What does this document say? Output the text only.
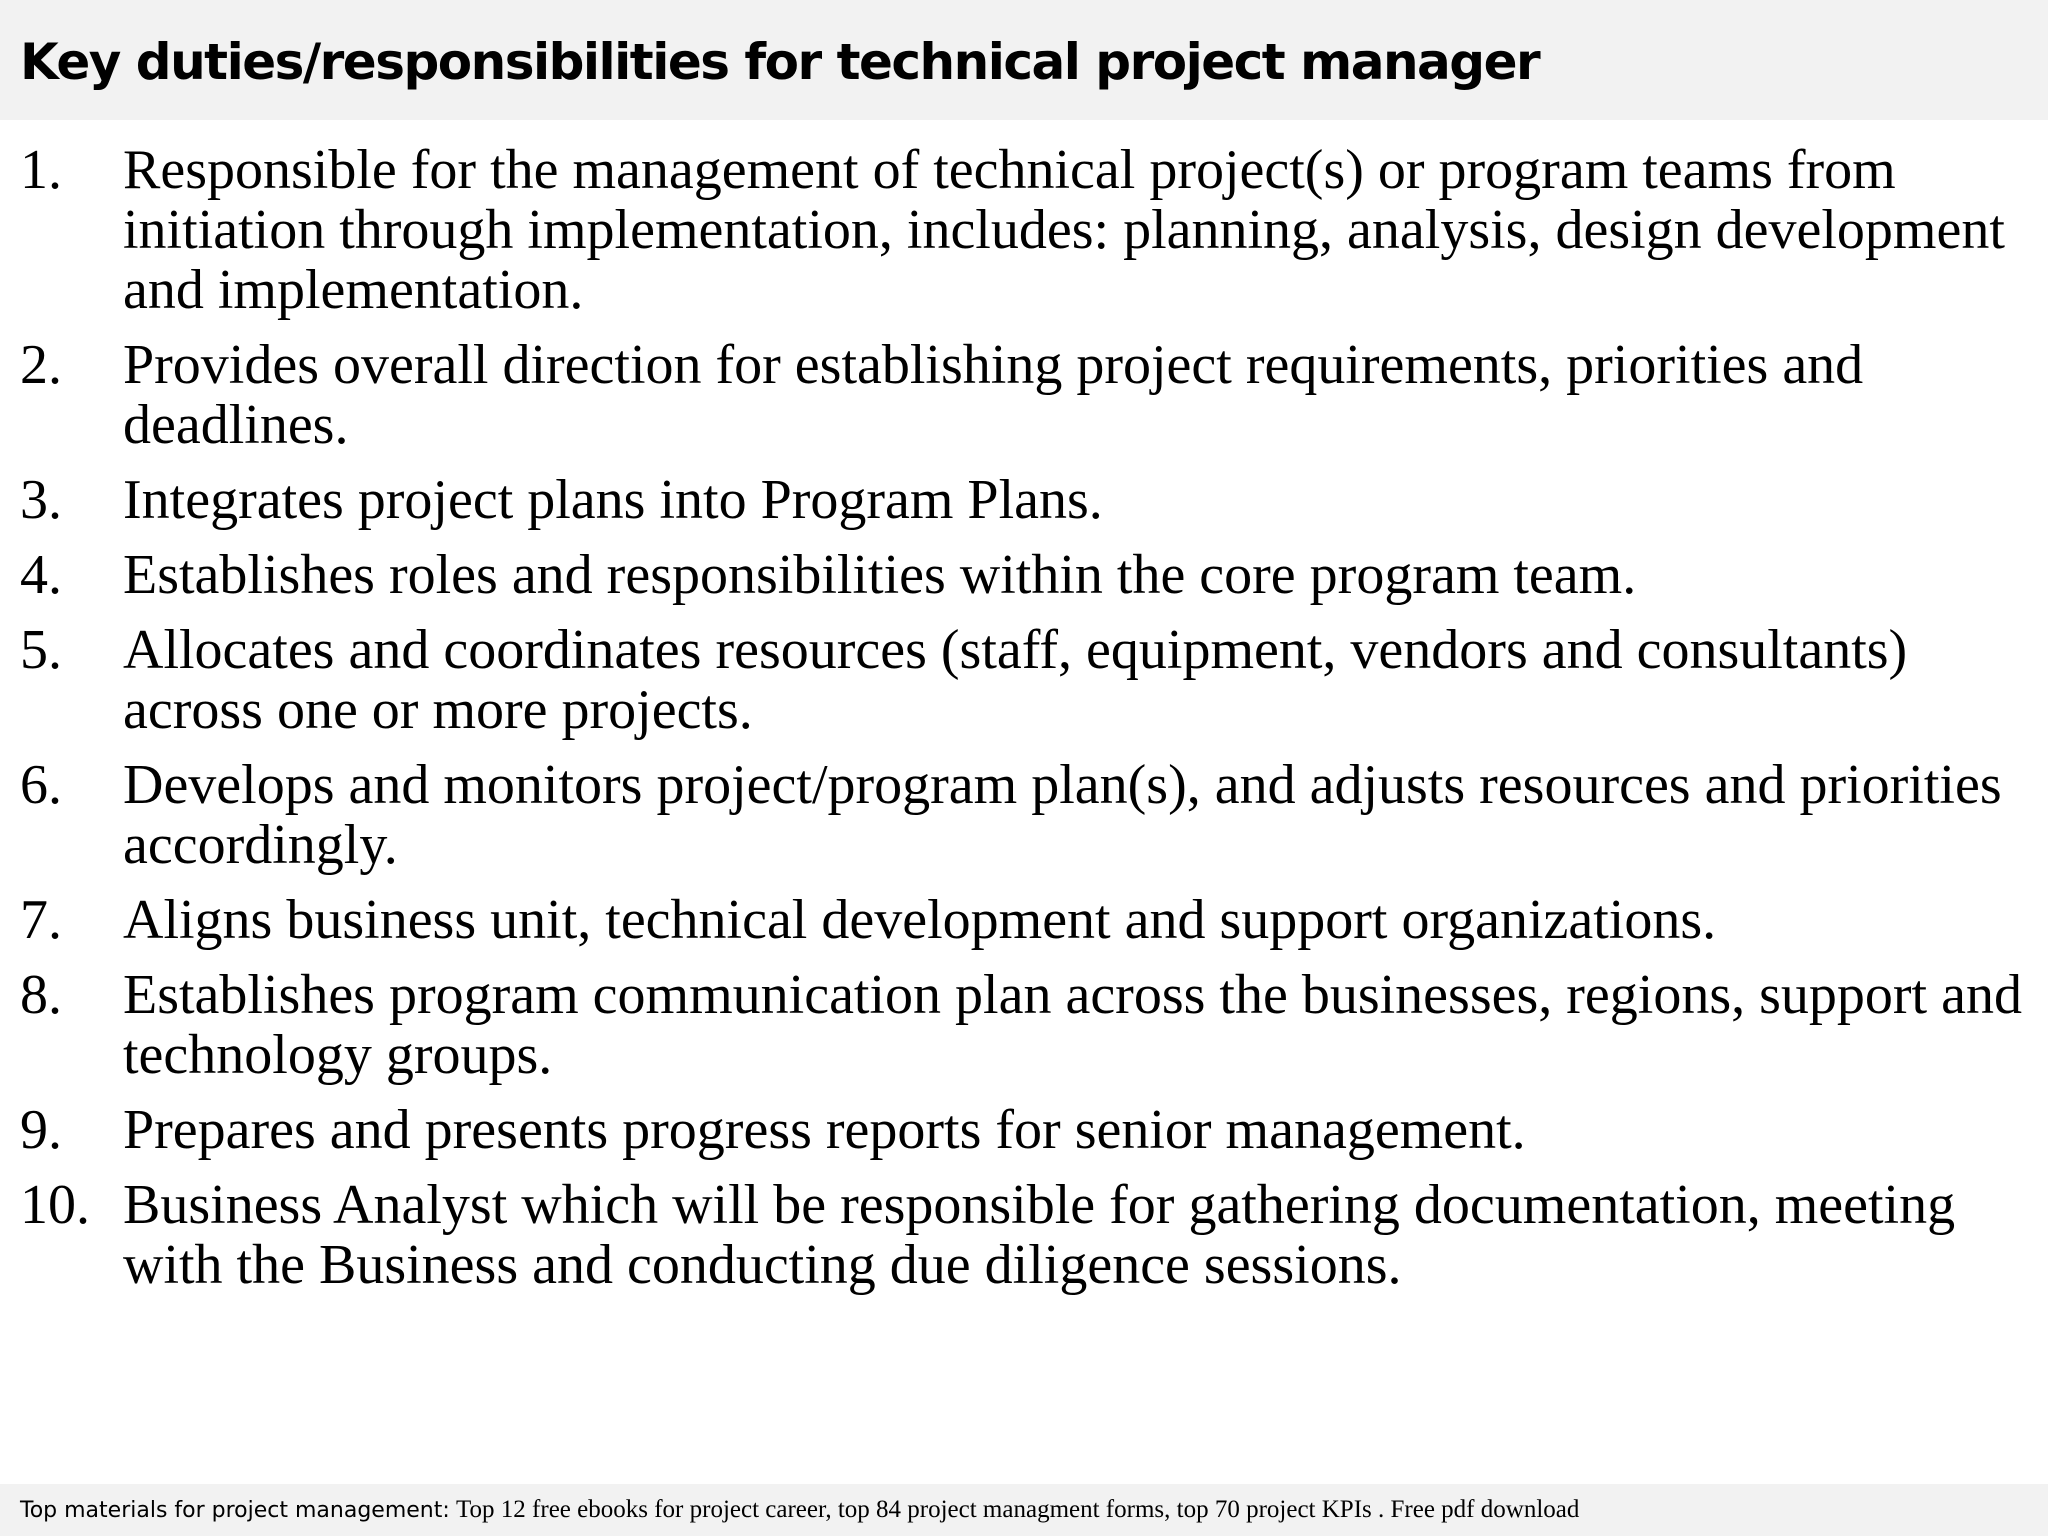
Key duties/responsibilities for technical project manager
1. Responsible for the management of technical project(s) or program teams from initiation through implementation, includes: planning, analysis, design development and implementation.
2. Provides overall direction for establishing project requirements, priorities and deadlines.
3. Integrates project plans into Program Plans.
4. Establishes roles and responsibilities within the core program team.
5. Allocates and coordinates resources (staff, equipment, vendors and consultants) across one or more projects.
6. Develops and monitors project/program plan(s), and adjusts resources and priorities accordingly.
7. Aligns business unit, technical development and support organizations.
8. Establishes program communication plan across the businesses, regions, support and technology groups.
9. Prepares and presents progress reports for senior management.
10. Business Analyst which will be responsible for gathering documentation, meeting with the Business and conducting due diligence sessions.
Top materials for project management: Top 12 free ebooks for project career, top 84 project managment forms, top 70 project KPIs . Free pdf download
